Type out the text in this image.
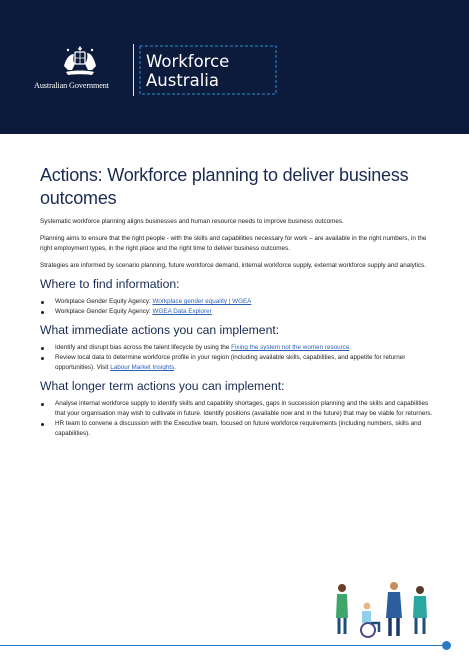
Australian Government
Workforce
Australia
Actions: Workforce planning to deliver business outcomes

Systematic workforce planning aligns businesses and human resource needs to improve business outcomes.

Planning aims to ensure that the right people - with the skills and capabilities necessary for work – are available in the right numbers, in the right employment types, in the right place and the right time to deliver business outcomes.

Strategies are informed by scenario planning, future workforce demand, internal workforce supply, external workforce supply and analytics.

Where to find information:
Workplace Gender Equity Agency: Workplace gender equality | WGEA
Workplace Gender Equity Agency: WGEA Data Explorer
What immediate actions you can implement:
Identify and disrupt bias across the talent lifecycle by using the Fixing the system not the women resource.
Review local data to determine workforce profile in your region (including available skills, capabilities, and appetite for returner opportunities). Visit Labour Market Insights.
What longer term actions you can implement:
Analyse internal workforce supply to identify skills and capability shortages, gaps in succession planning and the skills and capabilities that your organisation may wish to cultivate in future. Identify positions (available now and in the future) that may be viable for returners.
HR team to convene a discussion with the Executive team, focused on future workforce requirements (including numbers, skills and capabilities).
